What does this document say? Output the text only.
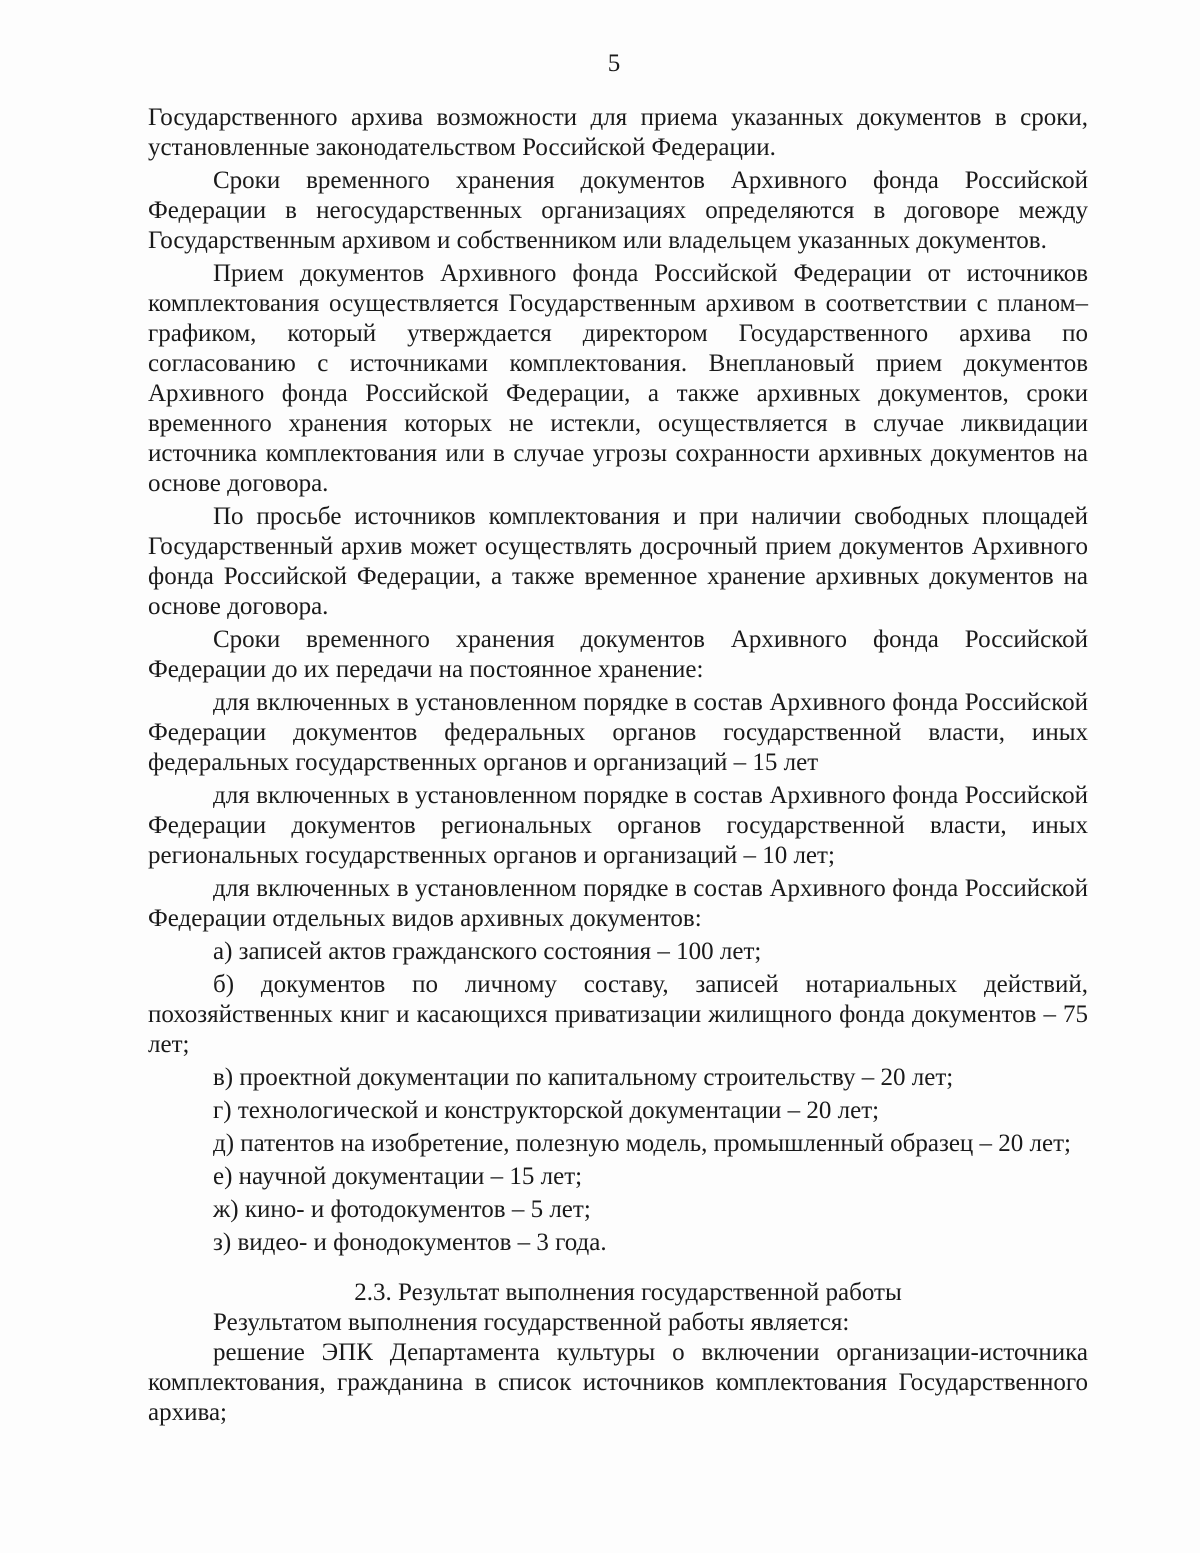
5

Государственного архива возможности для приема указанных документов в сроки, установленные законодательством Российской Федерации.

Сроки временного хранения документов Архивного фонда Российской Федерации в негосударственных организациях определяются в договоре между Государственным архивом и собственником или владельцем указанных документов.

Прием документов Архивного фонда Российской Федерации от источников комплектования осуществляется Государственным архивом в соответствии с планом–графиком, который утверждается директором Государственного архива по согласованию с источниками комплектования. Внеплановый прием документов Архивного фонда Российской Федерации, а также архивных документов, сроки временного хранения которых не истекли, осуществляется в случае ликвидации источника комплектования или в случае угрозы сохранности архивных документов на основе договора.

По просьбе источников комплектования и при наличии свободных площадей Государственный архив может осуществлять досрочный прием документов Архивного фонда Российской Федерации, а также временное хранение архивных документов на основе договора.

Сроки временного хранения документов Архивного фонда Российской Федерации до их передачи на постоянное хранение:

для включенных в установленном порядке в состав Архивного фонда Российской Федерации документов федеральных органов государственной власти, иных федеральных государственных органов и организаций – 15 лет

для включенных в установленном порядке в состав Архивного фонда Российской Федерации документов региональных органов государственной власти, иных региональных государственных органов и организаций – 10 лет;

для включенных в установленном порядке в состав Архивного фонда Российской Федерации отдельных видов архивных документов:

а) записей актов гражданского состояния – 100 лет;

б) документов по личному составу, записей нотариальных действий, похозяйственных книг и касающихся приватизации жилищного фонда документов – 75 лет;

в) проектной документации по капитальному строительству – 20 лет;

г) технологической и конструкторской документации – 20 лет;

д) патентов на изобретение, полезную модель, промышленный образец – 20 лет;

е) научной документации – 15 лет;

ж) кино- и фотодокументов – 5 лет;

з) видео- и фонодокументов – 3 года.

2.3. Результат выполнения государственной работы

Результатом выполнения государственной работы является:

решение ЭПК Департамента культуры о включении организации-источника комплектования, гражданина в список источников комплектования Государственного архива;
